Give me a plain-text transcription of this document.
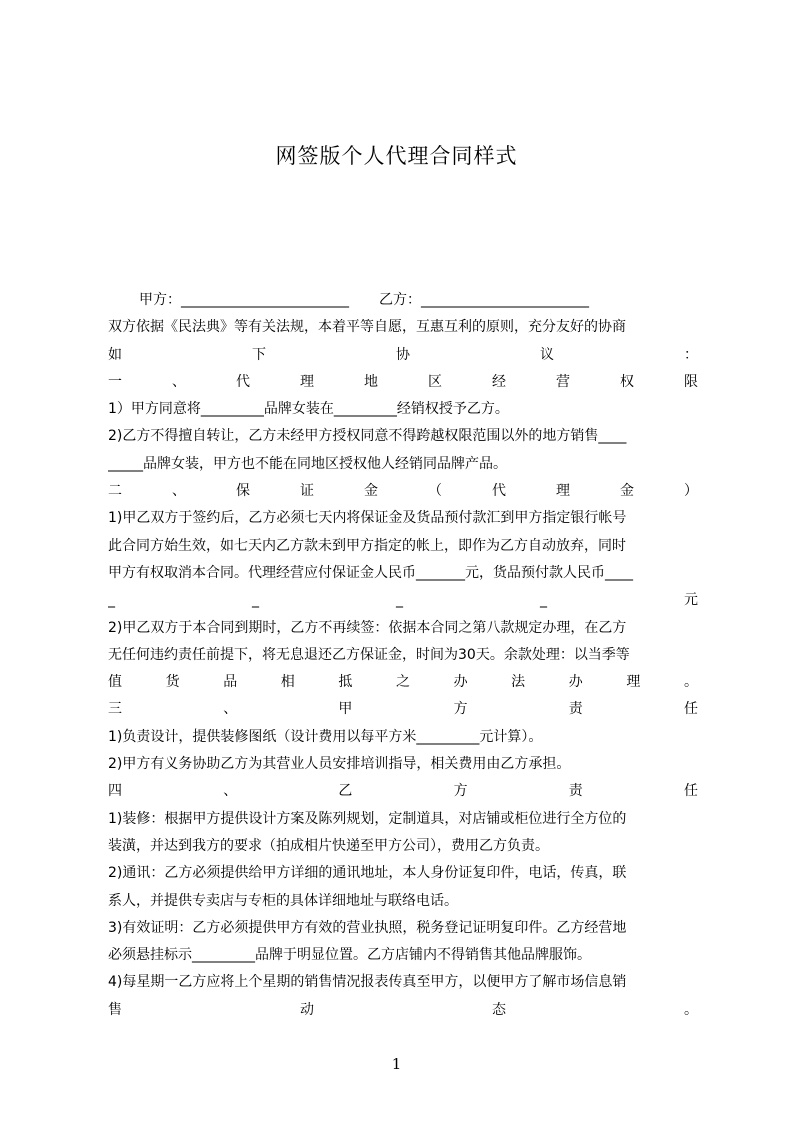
网签版个人代理合同样式
甲方：________________________ 乙方：________________________
双方依据《民法典》等有关法规，本着平等自愿，互惠互利的原则，充分友好的协商
如	下	协	议	：
一	、	代	理	地	区	经	营	权	限
1）甲方同意将_________品牌女装在_________经销权授予乙方。
2)乙方不得擅自转让，乙方未经甲方授权同意不得跨越权限范围以外的地方销售____
_____品牌女装，甲方也不能在同地区授权他人经销同品牌产品。
二	、	保	证	金	（	代	理	金	）
1)甲乙双方于签约后，乙方必须七天内将保证金及货品预付款汇到甲方指定银行帐号
此合同方始生效，如七天内乙方款未到甲方指定的帐上，即作为乙方自动放弃，同时
甲方有权取消本合同。代理经营应付保证金人民币_______元，货品预付款人民币____
_	_	_	_	元
2)甲乙双方于本合同到期时，乙方不再续签：依据本合同之第八款规定办理，在乙方
无任何违约责任前提下，将无息退还乙方保证金，时间为30天。余款处理：以当季等
值	货	品	相	抵	之	办	法	办	理	。
三	、	甲	方	责	任
1)负责设计，提供装修图纸（设计费用以每平方米_________元计算）。
2)甲方有义务协助乙方为其营业人员安排培训指导，相关费用由乙方承担。
四	、	乙	方	责	任
1)装修：根据甲方提供设计方案及陈列规划，定制道具，对店铺或柜位进行全方位的
装潢，并达到我方的要求（拍成相片快递至甲方公司），费用乙方负责。
2)通讯：乙方必须提供给甲方详细的通讯地址，本人身份证复印件，电话，传真，联
系人，并提供专卖店与专柜的具体详细地址与联络电话。
3)有效证明：乙方必须提供甲方有效的营业执照，税务登记证明复印件。乙方经营地
必须悬挂标示_________品牌于明显位置。乙方店铺内不得销售其他品牌服饰。
4)每星期一乙方应将上个星期的销售情况报表传真至甲方，以便甲方了解市场信息销
售	动	态	。
1
